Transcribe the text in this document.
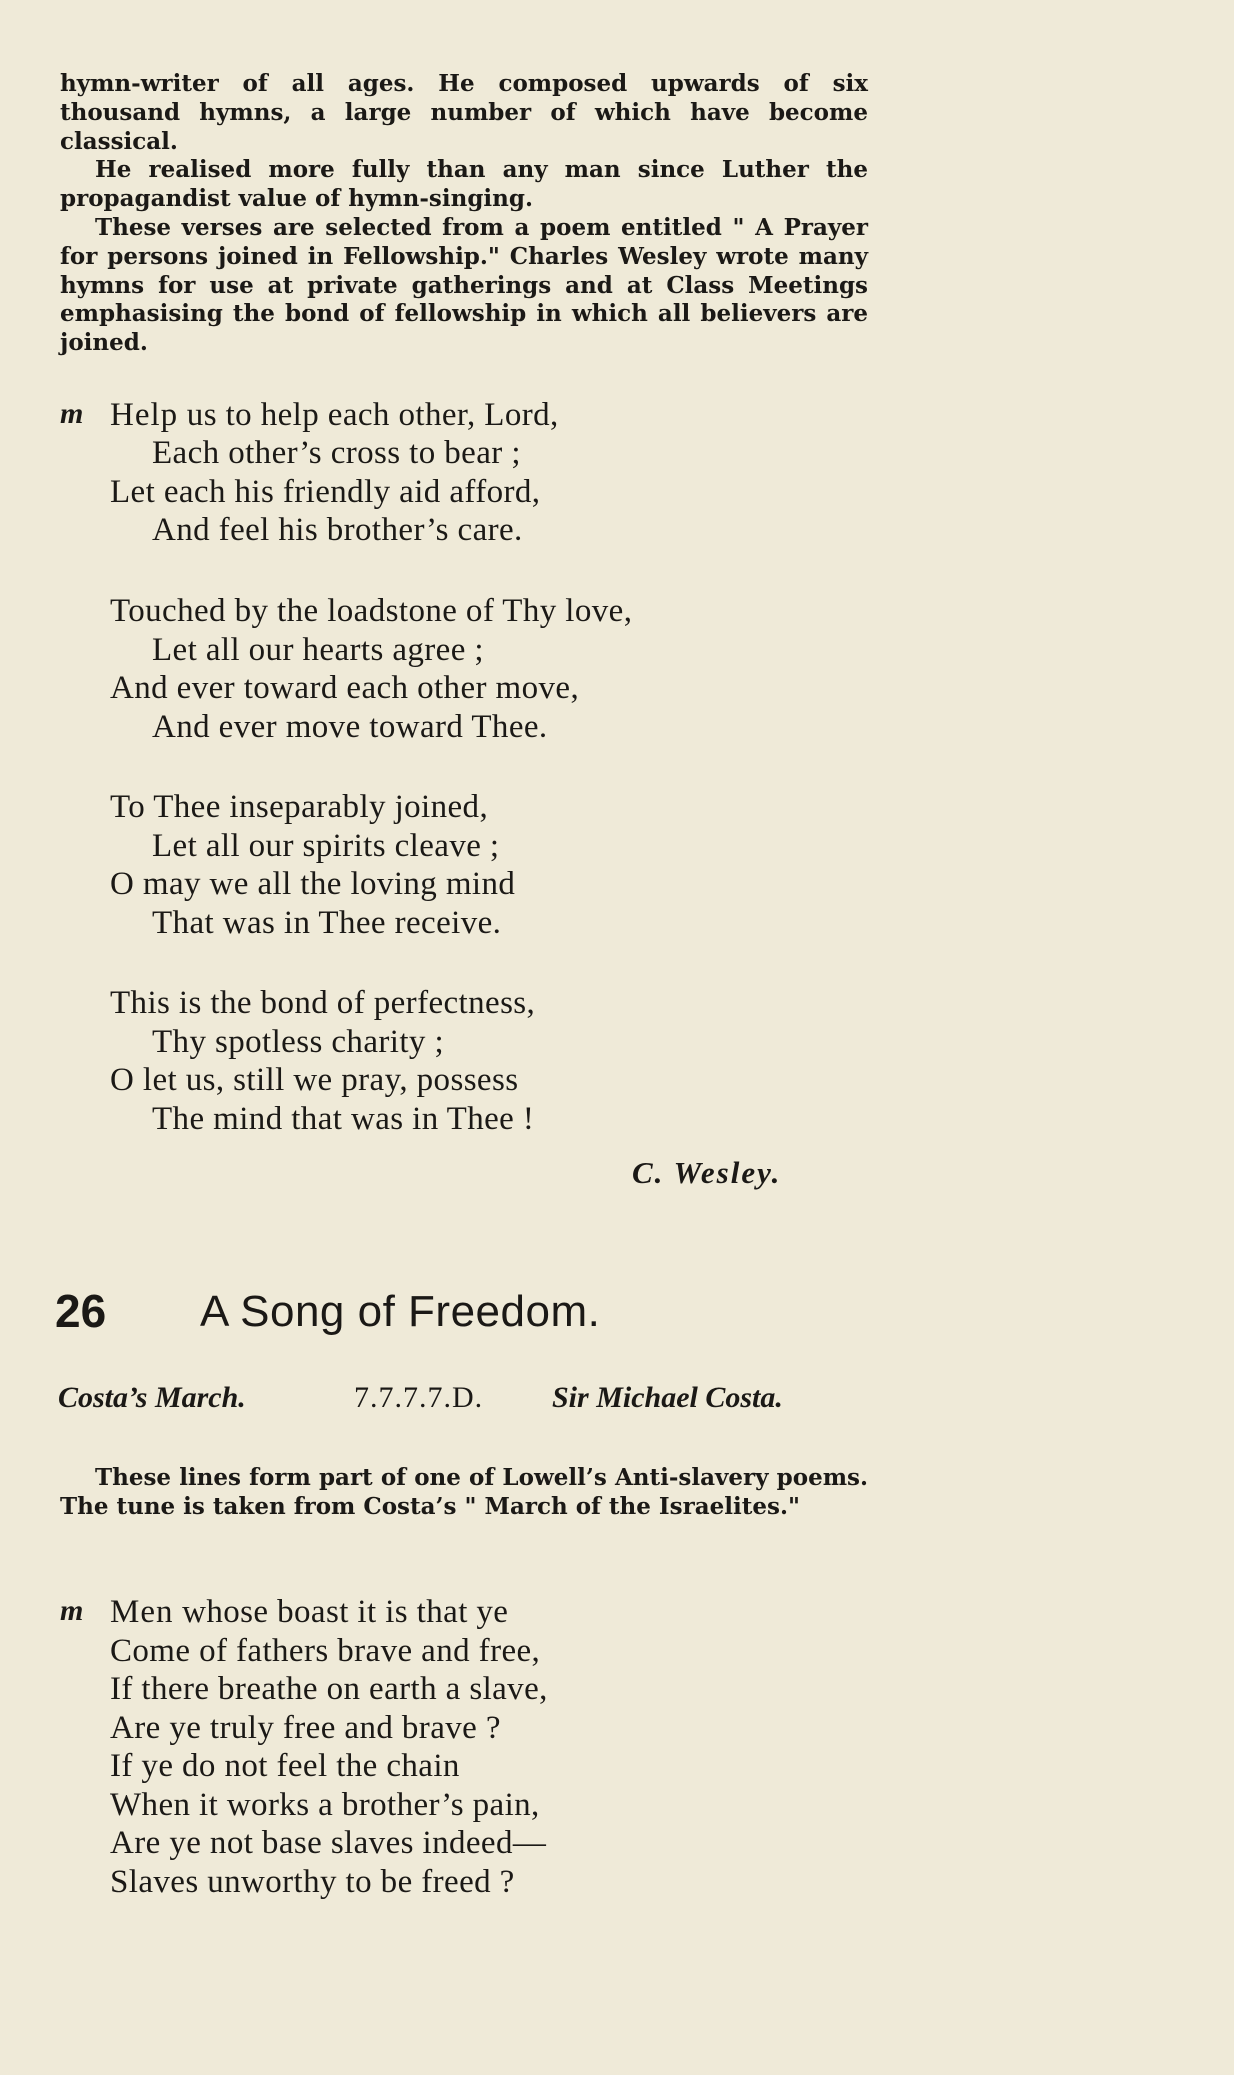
hymn-writer of all ages. He composed upwards of six thousand hymns, a large number of which have become classical.

He realised more fully than any man since Luther the propagandist value of hymn-singing.

These verses are selected from a poem entitled " A Prayer for persons joined in Fellowship." Charles Wesley wrote many hymns for use at private gatherings and at Class Meetings emphasising the bond of fellowship in which all believers are joined.

m Help us to help each other, Lord,
Each other’s cross to bear ;
Let each his friendly aid afford,
And feel his brother’s care.
Touched by the loadstone of Thy love,
Let all our hearts agree ;
And ever toward each other move,
And ever move toward Thee.
To Thee inseparably joined,
Let all our spirits cleave ;
O may we all the loving mind
That was in Thee receive.
This is the bond of perfectness,
Thy spotless charity ;
O let us, still we pray, possess
The mind that was in Thee !
C. Wesley.
26 A Song of Freedom.
Costa’s March.	7.7.7.7.D. Sir Michael Costa.

These lines form part of one of Lowell’s Anti-slavery poems. The tune is taken from Costa’s " March of the Israelites."

m Men whose boast it is that ye
Come of fathers brave and free,
If there breathe on earth a slave,
Are ye truly free and brave ?
If ye do not feel the chain
When it works a brother’s pain,
Are ye not base slaves indeed—
Slaves unworthy to be freed ?
